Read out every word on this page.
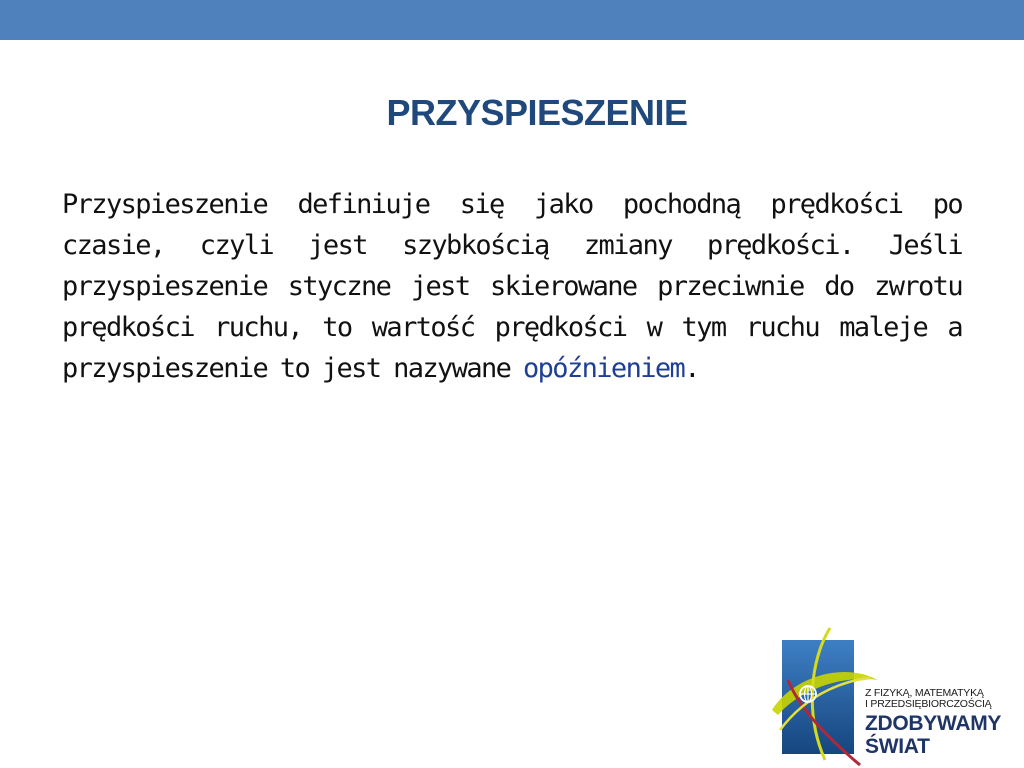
PRZYSPIESZENIE
Przyspieszenie definiuje się jako pochodną prędkości po czasie, czyli jest szybkością zmiany prędkości. Jeśli przyspieszenie styczne jest skierowane przeciwnie do zwrotu prędkości ruchu, to wartość prędkości w tym ruchu maleje a przyspieszenie to jest nazywane opóźnieniem.
Z FIZYKĄ, MATEMATYKĄ
I PRZEDSIĘBIORCZOŚCIĄ
ZDOBYWAMY
ŚWIAT
